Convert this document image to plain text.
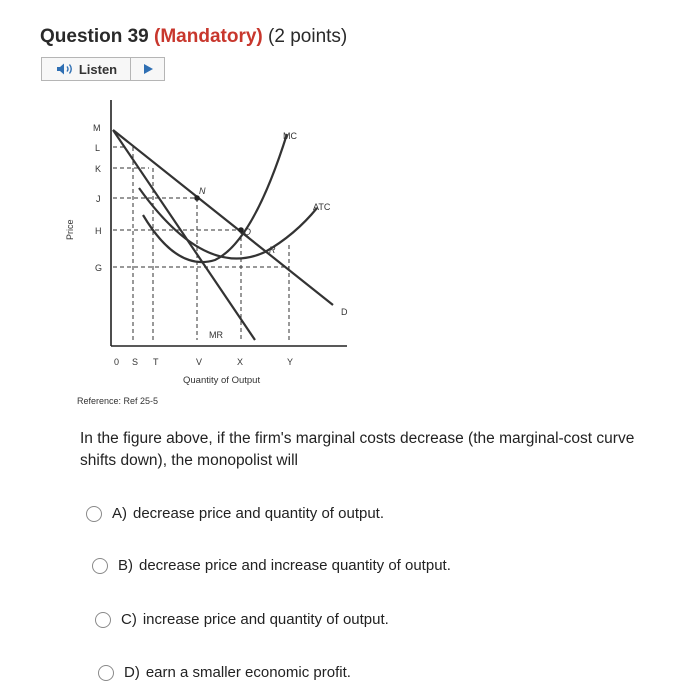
Question 39 (Mandatory) (2 points)
Listen
M
L
K
J
H
G
0 S T	V	X	Y
MC
ATC
MR
D
N
Q
R
Price
Quantity of Output
Reference: Ref 25-5
In the figure above, if the firm's marginal costs decrease (the marginal-cost curve shifts down), the monopolist will
A) decrease price and quantity of output.
B) decrease price and increase quantity of output.
C) increase price and quantity of output.
D) earn a smaller economic profit.
